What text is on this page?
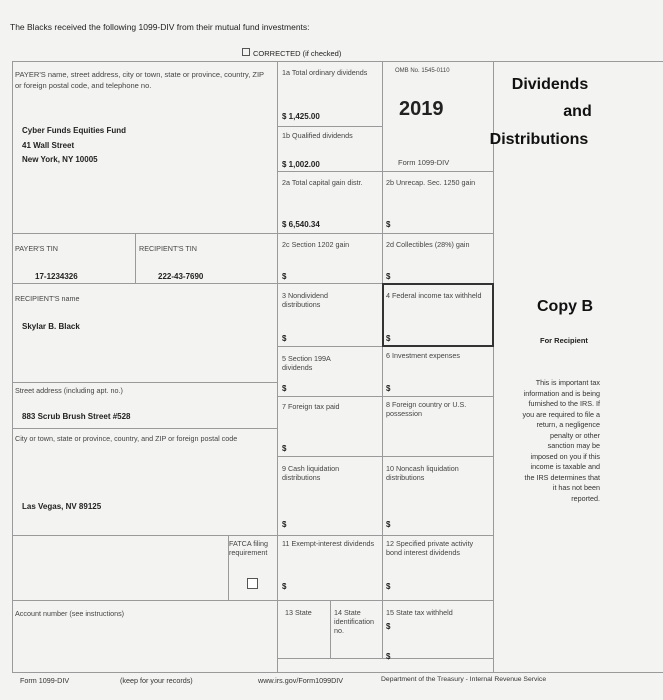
The Blacks received the following 1099-DIV from their mutual fund investments:
CORRECTED (if checked)
PAYER'S name, street address, city or town, state or province, country, ZIP or foreign postal code, and telephone no.
Cyber Funds Equities Fund
41 Wall Street
New York, NY 10005
PAYER'S TIN
17-1234326
RECIPIENT'S TIN
222-43-7690
RECIPIENT'S name
Skylar B. Black
Street address (including apt. no.)
883 Scrub Brush Street #528
City or town, state or province, country, and ZIP or foreign postal code
Las Vegas, NV 89125
Account number (see instructions)
1a Total ordinary dividends
$ 1,425.00
OMB No. 1545-0110
2019
Form 1099-DIV
1b Qualified dividends
$ 1,002.00
2a Total capital gain distr.
$ 6,540.34
2b Unrecap. Sec. 1250 gain
$
2c Section 1202 gain
$
2d Collectibles (28%) gain
$
3 Nondividend distributions
$
4 Federal income tax withheld
$
5 Section 199A dividends
$
6 Investment expenses
$
7 Foreign tax paid
$
8 Foreign country or U.S. possession
9 Cash liquidation distributions
$
10 Noncash liquidation distributions
$
FATCA filing requirement
11 Exempt-interest dividends
$
12 Specified private activity bond interest dividends
$
13 State	14 State identification no.
15 State tax withheld
$
$
Dividends
and
Distributions
Copy B
For Recipient
This is important tax
information and is being
furnished to the IRS. If
you are required to file a
return, a negligence
penalty or other
sanction may be
imposed on you if this
income is taxable and
the IRS determines that
it has not been
reported.
Form 1099-DIV	(keep for your records)	www.irs.gov/Form1099DIV	Department of the Treasury - Internal Revenue Service
